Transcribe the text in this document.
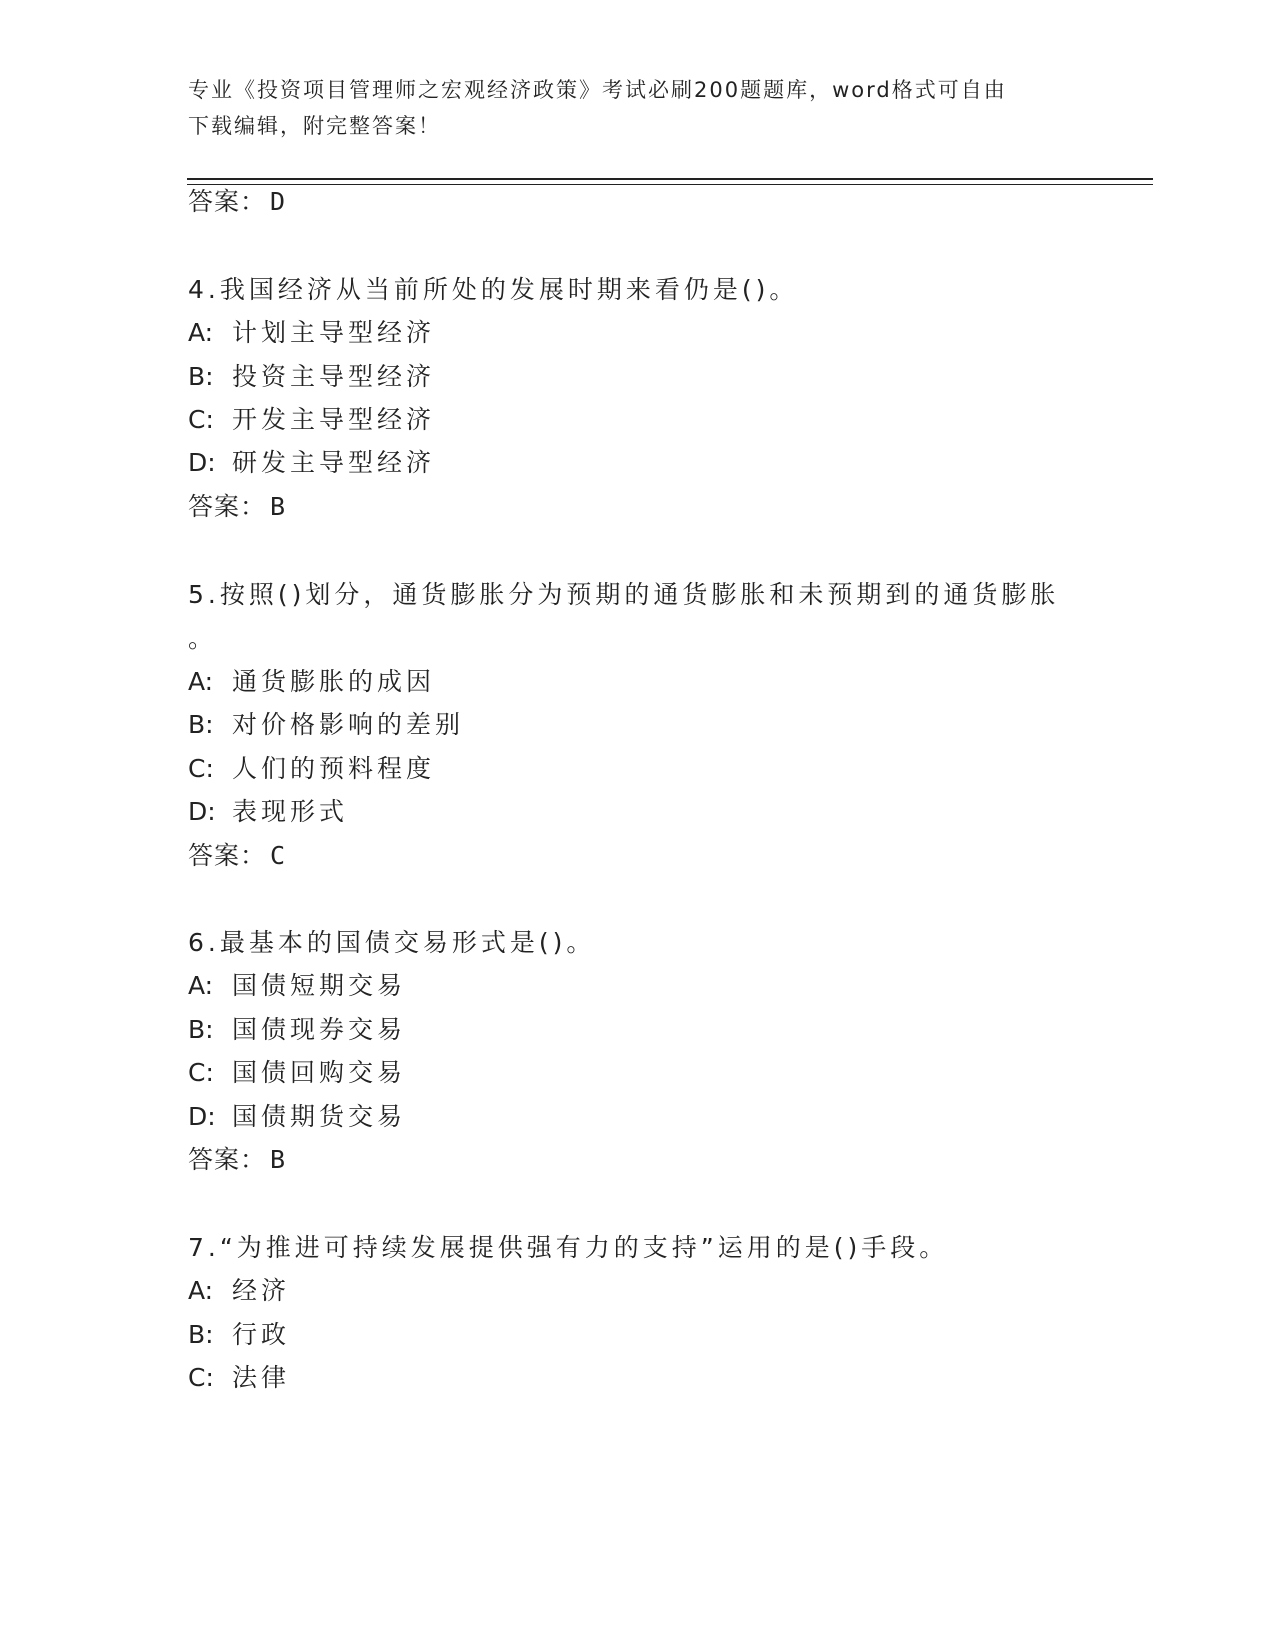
专业《投资项目管理师之宏观经济政策》考试必刷200题题库，word格式可自由
下载编辑，附完整答案！
答案： D
4.我国经济从当前所处的发展时期来看仍是()。
A: 计划主导型经济
B: 投资主导型经济
C: 开发主导型经济
D: 研发主导型经济
答案： B
5.按照()划分，通货膨胀分为预期的通货膨胀和未预期到的通货膨胀
。
A: 通货膨胀的成因
B: 对价格影响的差别
C: 人们的预料程度
D: 表现形式
答案： C
6.最基本的国债交易形式是()。
A: 国债短期交易
B: 国债现券交易
C: 国债回购交易
D: 国债期货交易
答案： B
7.“为推进可持续发展提供强有力的支持”运用的是()手段。
A: 经济
B: 行政
C: 法律
